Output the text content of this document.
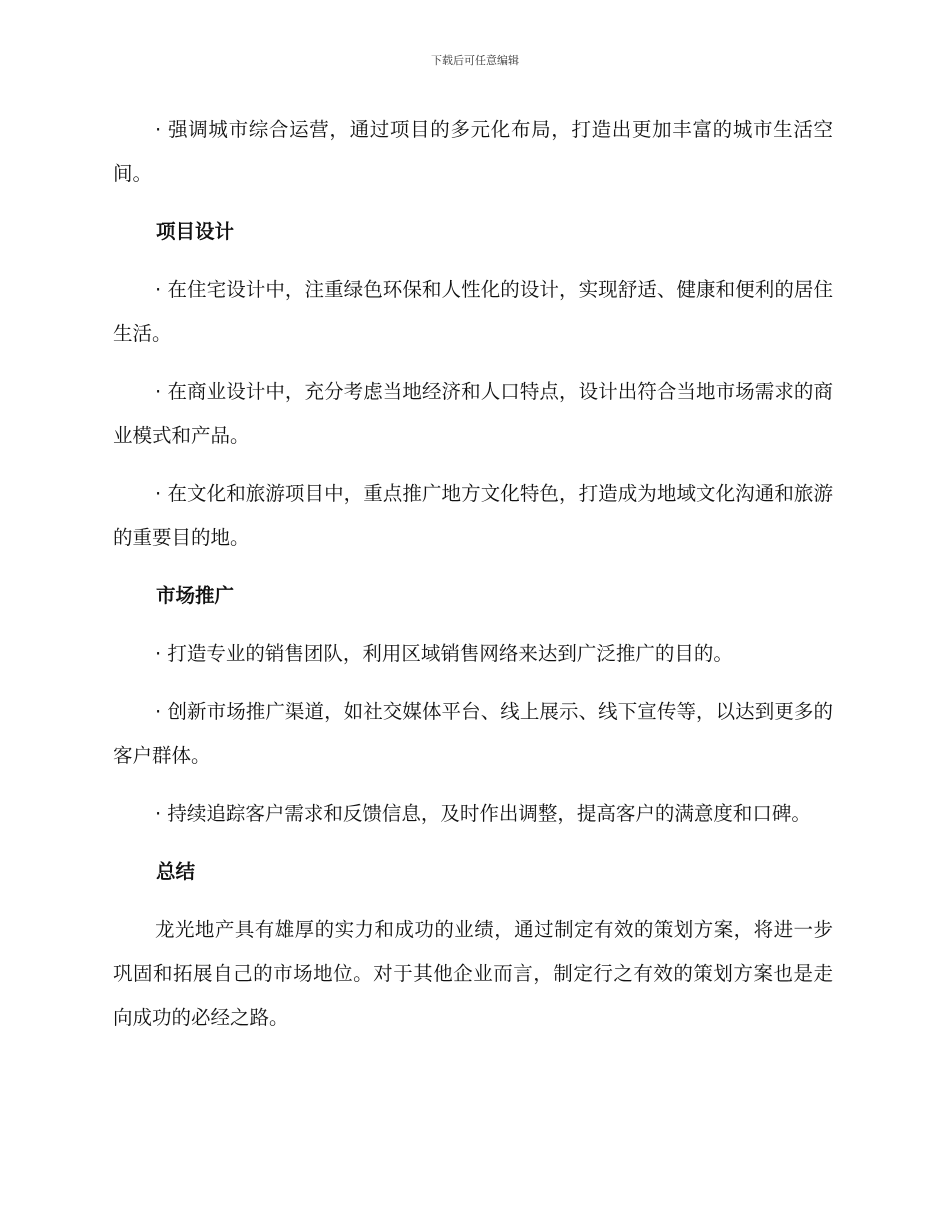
下载后可任意编辑

· 强调城市综合运营，通过项目的多元化布局，打造出更加丰富的城市生活空间。

项目设计

· 在住宅设计中，注重绿色环保和人性化的设计，实现舒适、健康和便利的居住生活。

· 在商业设计中，充分考虑当地经济和人口特点，设计出符合当地市场需求的商业模式和产品。

· 在文化和旅游项目中，重点推广地方文化特色，打造成为地域文化沟通和旅游的重要目的地。

市场推广

· 打造专业的销售团队，利用区域销售网络来达到广泛推广的目的。

· 创新市场推广渠道，如社交媒体平台、线上展示、线下宣传等，以达到更多的客户群体。

· 持续追踪客户需求和反馈信息，及时作出调整，提高客户的满意度和口碑。

总结

龙光地产具有雄厚的实力和成功的业绩，通过制定有效的策划方案，将进一步巩固和拓展自己的市场地位。对于其他企业而言，制定行之有效的策划方案也是走向成功的必经之路。
